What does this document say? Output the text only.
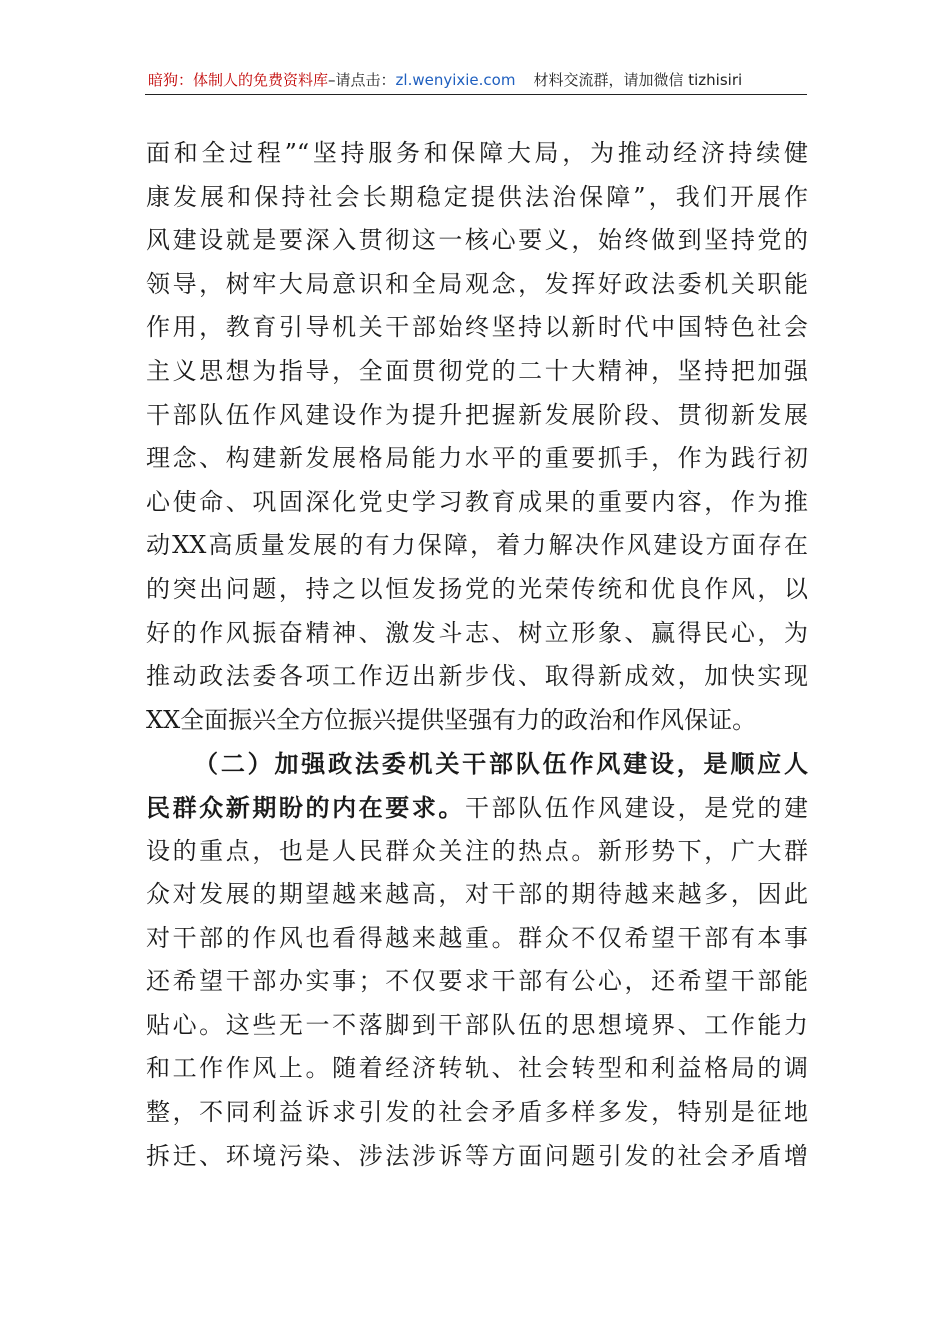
暗狗：体制人的免费资料库–请点击：zl.wenyixie.com 材料交流群，请加微信 tizhisiri
面和全过程”“坚持服务和保障大局，为推动经济持续健
康发展和保持社会长期稳定提供法治保障”，我们开展作
风建设就是要深入贯彻这一核心要义，始终做到坚持党的
领导，树牢大局意识和全局观念，发挥好政法委机关职能
作用，教育引导机关干部始终坚持以新时代中国特色社会
主义思想为指导，全面贯彻党的二十大精神，坚持把加强
干部队伍作风建设作为提升把握新发展阶段、贯彻新发展
理念、构建新发展格局能力水平的重要抓手，作为践行初
心使命、巩固深化党史学习教育成果的重要内容，作为推
动XX高质量发展的有力保障，着力解决作风建设方面存在
的突出问题，持之以恒发扬党的光荣传统和优良作风，以
好的作风振奋精神、激发斗志、树立形象、赢得民心，为
推动政法委各项工作迈出新步伐、取得新成效，加快实现
XX全面振兴全方位振兴提供坚强有力的政治和作风保证。
（二）加强政法委机关干部队伍作风建设，是顺应人
民群众新期盼的内在要求。干部队伍作风建设，是党的建
设的重点，也是人民群众关注的热点。新形势下，广大群
众对发展的期望越来越高，对干部的期待越来越多，因此
对干部的作风也看得越来越重。群众不仅希望干部有本事
还希望干部办实事；不仅要求干部有公心，还希望干部能
贴心。这些无一不落脚到干部队伍的思想境界、工作能力
和工作作风上。随着经济转轨、社会转型和利益格局的调
整，不同利益诉求引发的社会矛盾多样多发，特别是征地
拆迁、环境污染、涉法涉诉等方面问题引发的社会矛盾增
